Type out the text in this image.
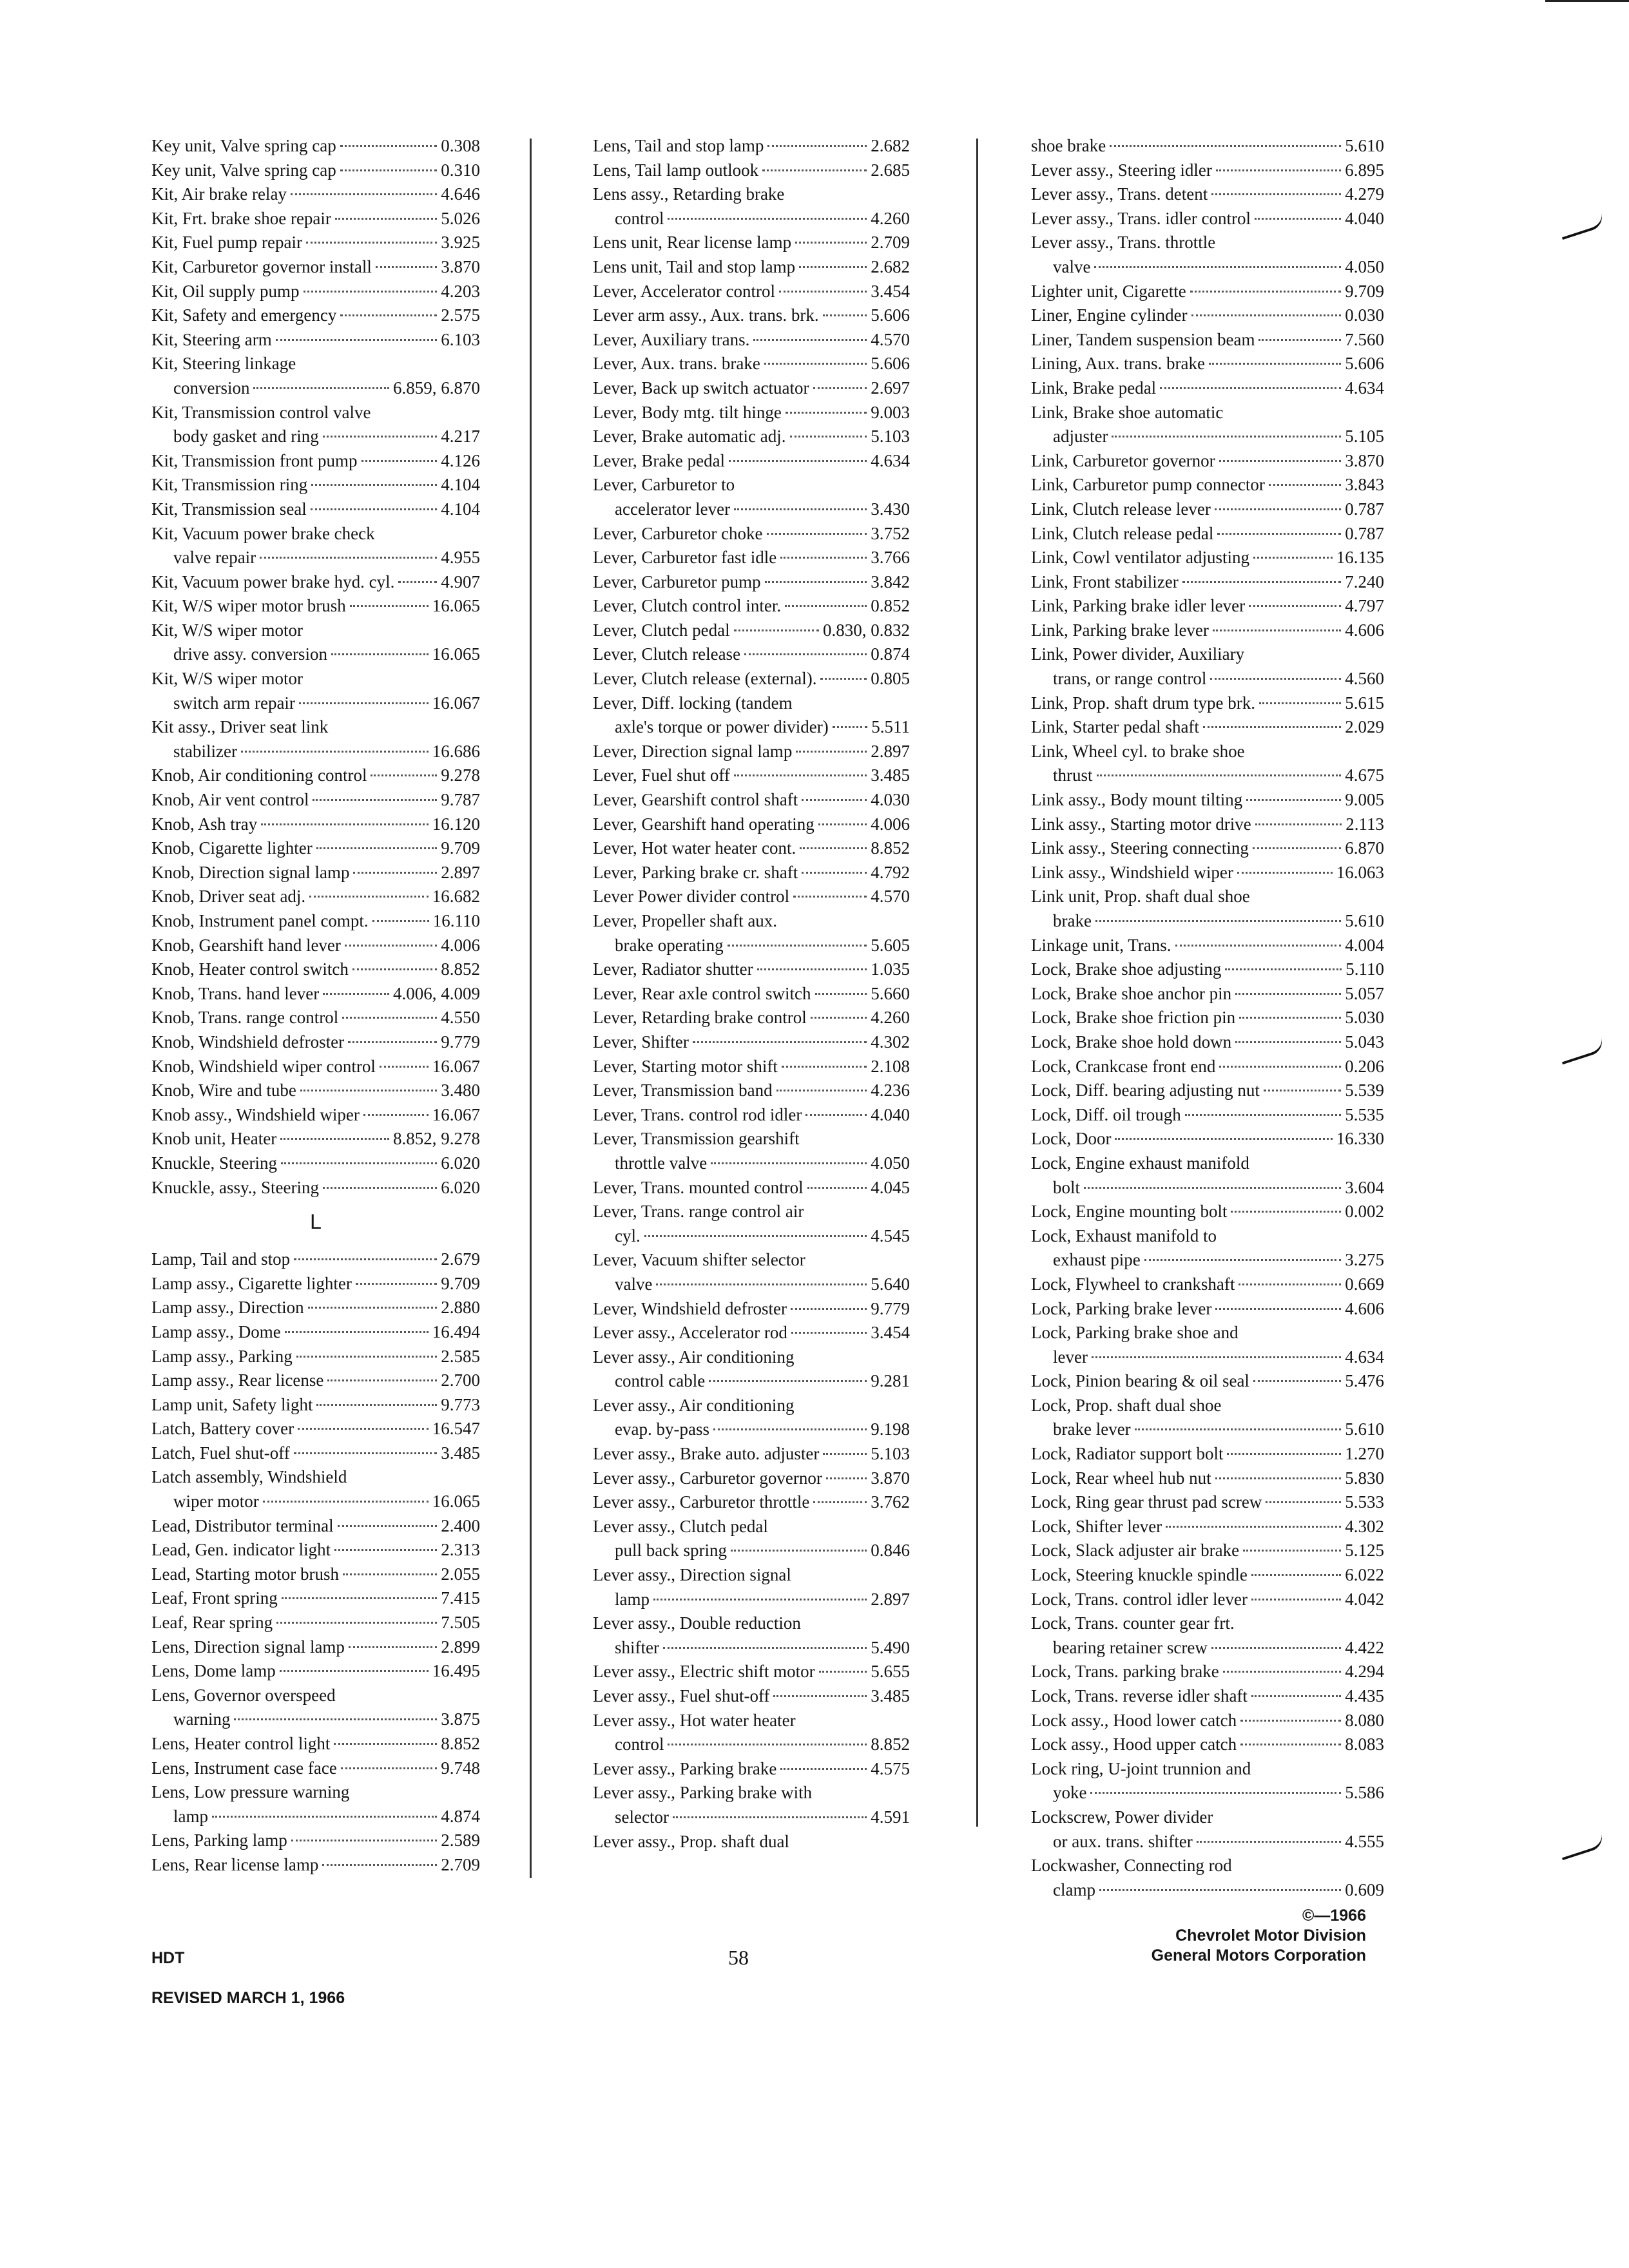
Key unit, Valve spring cap	0.308
Key unit, Valve spring cap	0.310
Kit, Air brake relay	4.646
Kit, Frt. brake shoe repair	5.026
Kit, Fuel pump repair	3.925
Kit, Carburetor governor install	3.870
Kit, Oil supply pump	4.203
Kit, Safety and emergency	2.575
Kit, Steering arm	6.103
Kit, Steering linkage
conversion	6.859, 6.870
Kit, Transmission control valve
body gasket and ring	4.217
Kit, Transmission front pump	4.126
Kit, Transmission ring	4.104
Kit, Transmission seal	4.104
Kit, Vacuum power brake check
valve repair	4.955
Kit, Vacuum power brake hyd. cyl.	4.907
Kit, W/S wiper motor brush	16.065
Kit, W/S wiper motor
drive assy. conversion	16.065
Kit, W/S wiper motor
switch arm repair	16.067
Kit assy., Driver seat link
stabilizer	16.686
Knob, Air conditioning control	9.278
Knob, Air vent control	9.787
Knob, Ash tray	16.120
Knob, Cigarette lighter	9.709
Knob, Direction signal lamp	2.897
Knob, Driver seat adj.	16.682
Knob, Instrument panel compt.	16.110
Knob, Gearshift hand lever	4.006
Knob, Heater control switch	8.852
Knob, Trans. hand lever	4.006, 4.009
Knob, Trans. range control	4.550
Knob, Windshield defroster	9.779
Knob, Windshield wiper control	16.067
Knob, Wire and tube	3.480
Knob assy., Windshield wiper	16.067
Knob unit, Heater	8.852, 9.278
Knuckle, Steering	6.020
Knuckle, assy., Steering	6.020
L
Lamp, Tail and stop	2.679
Lamp assy., Cigarette lighter	9.709
Lamp assy., Direction	2.880
Lamp assy., Dome	16.494
Lamp assy., Parking	2.585
Lamp assy., Rear license	2.700
Lamp unit, Safety light	9.773
Latch, Battery cover	16.547
Latch, Fuel shut-off	3.485
Latch assembly, Windshield
wiper motor	16.065
Lead, Distributor terminal	2.400
Lead, Gen. indicator light	2.313
Lead, Starting motor brush	2.055
Leaf, Front spring	7.415
Leaf, Rear spring	7.505
Lens, Direction signal lamp	2.899
Lens, Dome lamp	16.495
Lens, Governor overspeed
warning	3.875
Lens, Heater control light	8.852
Lens, Instrument case face	9.748
Lens, Low pressure warning
lamp	4.874
Lens, Parking lamp	2.589
Lens, Rear license lamp	2.709
Lens, Tail and stop lamp	2.682
Lens, Tail lamp outlook	2.685
Lens assy., Retarding brake
control	4.260
Lens unit, Rear license lamp	2.709
Lens unit, Tail and stop lamp	2.682
Lever, Accelerator control	3.454
Lever arm assy., Aux. trans. brk.	5.606
Lever, Auxiliary trans.	4.570
Lever, Aux. trans. brake	5.606
Lever, Back up switch actuator	2.697
Lever, Body mtg. tilt hinge	9.003
Lever, Brake automatic adj.	5.103
Lever, Brake pedal	4.634
Lever, Carburetor to
accelerator lever	3.430
Lever, Carburetor choke	3.752
Lever, Carburetor fast idle	3.766
Lever, Carburetor pump	3.842
Lever, Clutch control inter.	0.852
Lever, Clutch pedal	0.830, 0.832
Lever, Clutch release	0.874
Lever, Clutch release (external).	0.805
Lever, Diff. locking (tandem
axle's torque or power divider) 5.511
Lever, Direction signal lamp	2.897
Lever, Fuel shut off	3.485
Lever, Gearshift control shaft	4.030
Lever, Gearshift hand operating	4.006
Lever, Hot water heater cont.	8.852
Lever, Parking brake cr. shaft	4.792
Lever Power divider control	4.570
Lever, Propeller shaft aux.
brake operating	5.605
Lever, Radiator shutter	1.035
Lever, Rear axle control switch	5.660
Lever, Retarding brake control	4.260
Lever, Shifter	4.302
Lever, Starting motor shift	2.108
Lever, Transmission band	4.236
Lever, Trans. control rod idler	4.040
Lever, Transmission gearshift
throttle valve	4.050
Lever, Trans. mounted control	4.045
Lever, Trans. range control air
cyl.	4.545
Lever, Vacuum shifter selector
valve	5.640
Lever, Windshield defroster	9.779
Lever assy., Accelerator rod	3.454
Lever assy., Air conditioning
control cable	9.281
Lever assy., Air conditioning
evap. by-pass	9.198
Lever assy., Brake auto. adjuster	5.103
Lever assy., Carburetor governor	3.870
Lever assy., Carburetor throttle	3.762
Lever assy., Clutch pedal
pull back spring	0.846
Lever assy., Direction signal
lamp	2.897
Lever assy., Double reduction
shifter	5.490
Lever assy., Electric shift motor	5.655
Lever assy., Fuel shut-off	3.485
Lever assy., Hot water heater
control	8.852
Lever assy., Parking brake	4.575
Lever assy., Parking brake with
selector	4.591
Lever assy., Prop. shaft dual
shoe brake	5.610
Lever assy., Steering idler	6.895
Lever assy., Trans. detent	4.279
Lever assy., Trans. idler control	4.040
Lever assy., Trans. throttle
valve	4.050
Lighter unit, Cigarette	9.709
Liner, Engine cylinder	0.030
Liner, Tandem suspension beam	7.560
Lining, Aux. trans. brake	5.606
Link, Brake pedal	4.634
Link, Brake shoe automatic
adjuster	5.105
Link, Carburetor governor	3.870
Link, Carburetor pump connector	3.843
Link, Clutch release lever	0.787
Link, Clutch release pedal	0.787
Link, Cowl ventilator adjusting	16.135
Link, Front stabilizer	7.240
Link, Parking brake idler lever	4.797
Link, Parking brake lever	4.606
Link, Power divider, Auxiliary
trans, or range control	4.560
Link, Prop. shaft drum type brk.	5.615
Link, Starter pedal shaft	2.029
Link, Wheel cyl. to brake shoe
thrust	4.675
Link assy., Body mount tilting	9.005
Link assy., Starting motor drive	2.113
Link assy., Steering connecting	6.870
Link assy., Windshield wiper	16.063
Link unit, Prop. shaft dual shoe
brake	5.610
Linkage unit, Trans.	4.004
Lock, Brake shoe adjusting	5.110
Lock, Brake shoe anchor pin	5.057
Lock, Brake shoe friction pin	5.030
Lock, Brake shoe hold down	5.043
Lock, Crankcase front end	0.206
Lock, Diff. bearing adjusting nut	5.539
Lock, Diff. oil trough	5.535
Lock, Door	16.330
Lock, Engine exhaust manifold
bolt	3.604
Lock, Engine mounting bolt	0.002
Lock, Exhaust manifold to
exhaust pipe	3.275
Lock, Flywheel to crankshaft	0.669
Lock, Parking brake lever	4.606
Lock, Parking brake shoe and
lever	4.634
Lock, Pinion bearing & oil seal	5.476
Lock, Prop. shaft dual shoe
brake lever	5.610
Lock, Radiator support bolt	1.270
Lock, Rear wheel hub nut	5.830
Lock, Ring gear thrust pad screw	5.533
Lock, Shifter lever	4.302
Lock, Slack adjuster air brake	5.125
Lock, Steering knuckle spindle	6.022
Lock, Trans. control idler lever	4.042
Lock, Trans. counter gear frt.
bearing retainer screw	4.422
Lock, Trans. parking brake	4.294
Lock, Trans. reverse idler shaft	4.435
Lock assy., Hood lower catch	8.080
Lock assy., Hood upper catch	8.083
Lock ring, U-joint trunnion and
yoke	5.586
Lockscrew, Power divider
or aux. trans. shifter	4.555
Lockwasher, Connecting rod
clamp	0.609
HDT
REVISED MARCH 1, 1966
58
©—1966
Chevrolet Motor Division
General Motors Corporation
